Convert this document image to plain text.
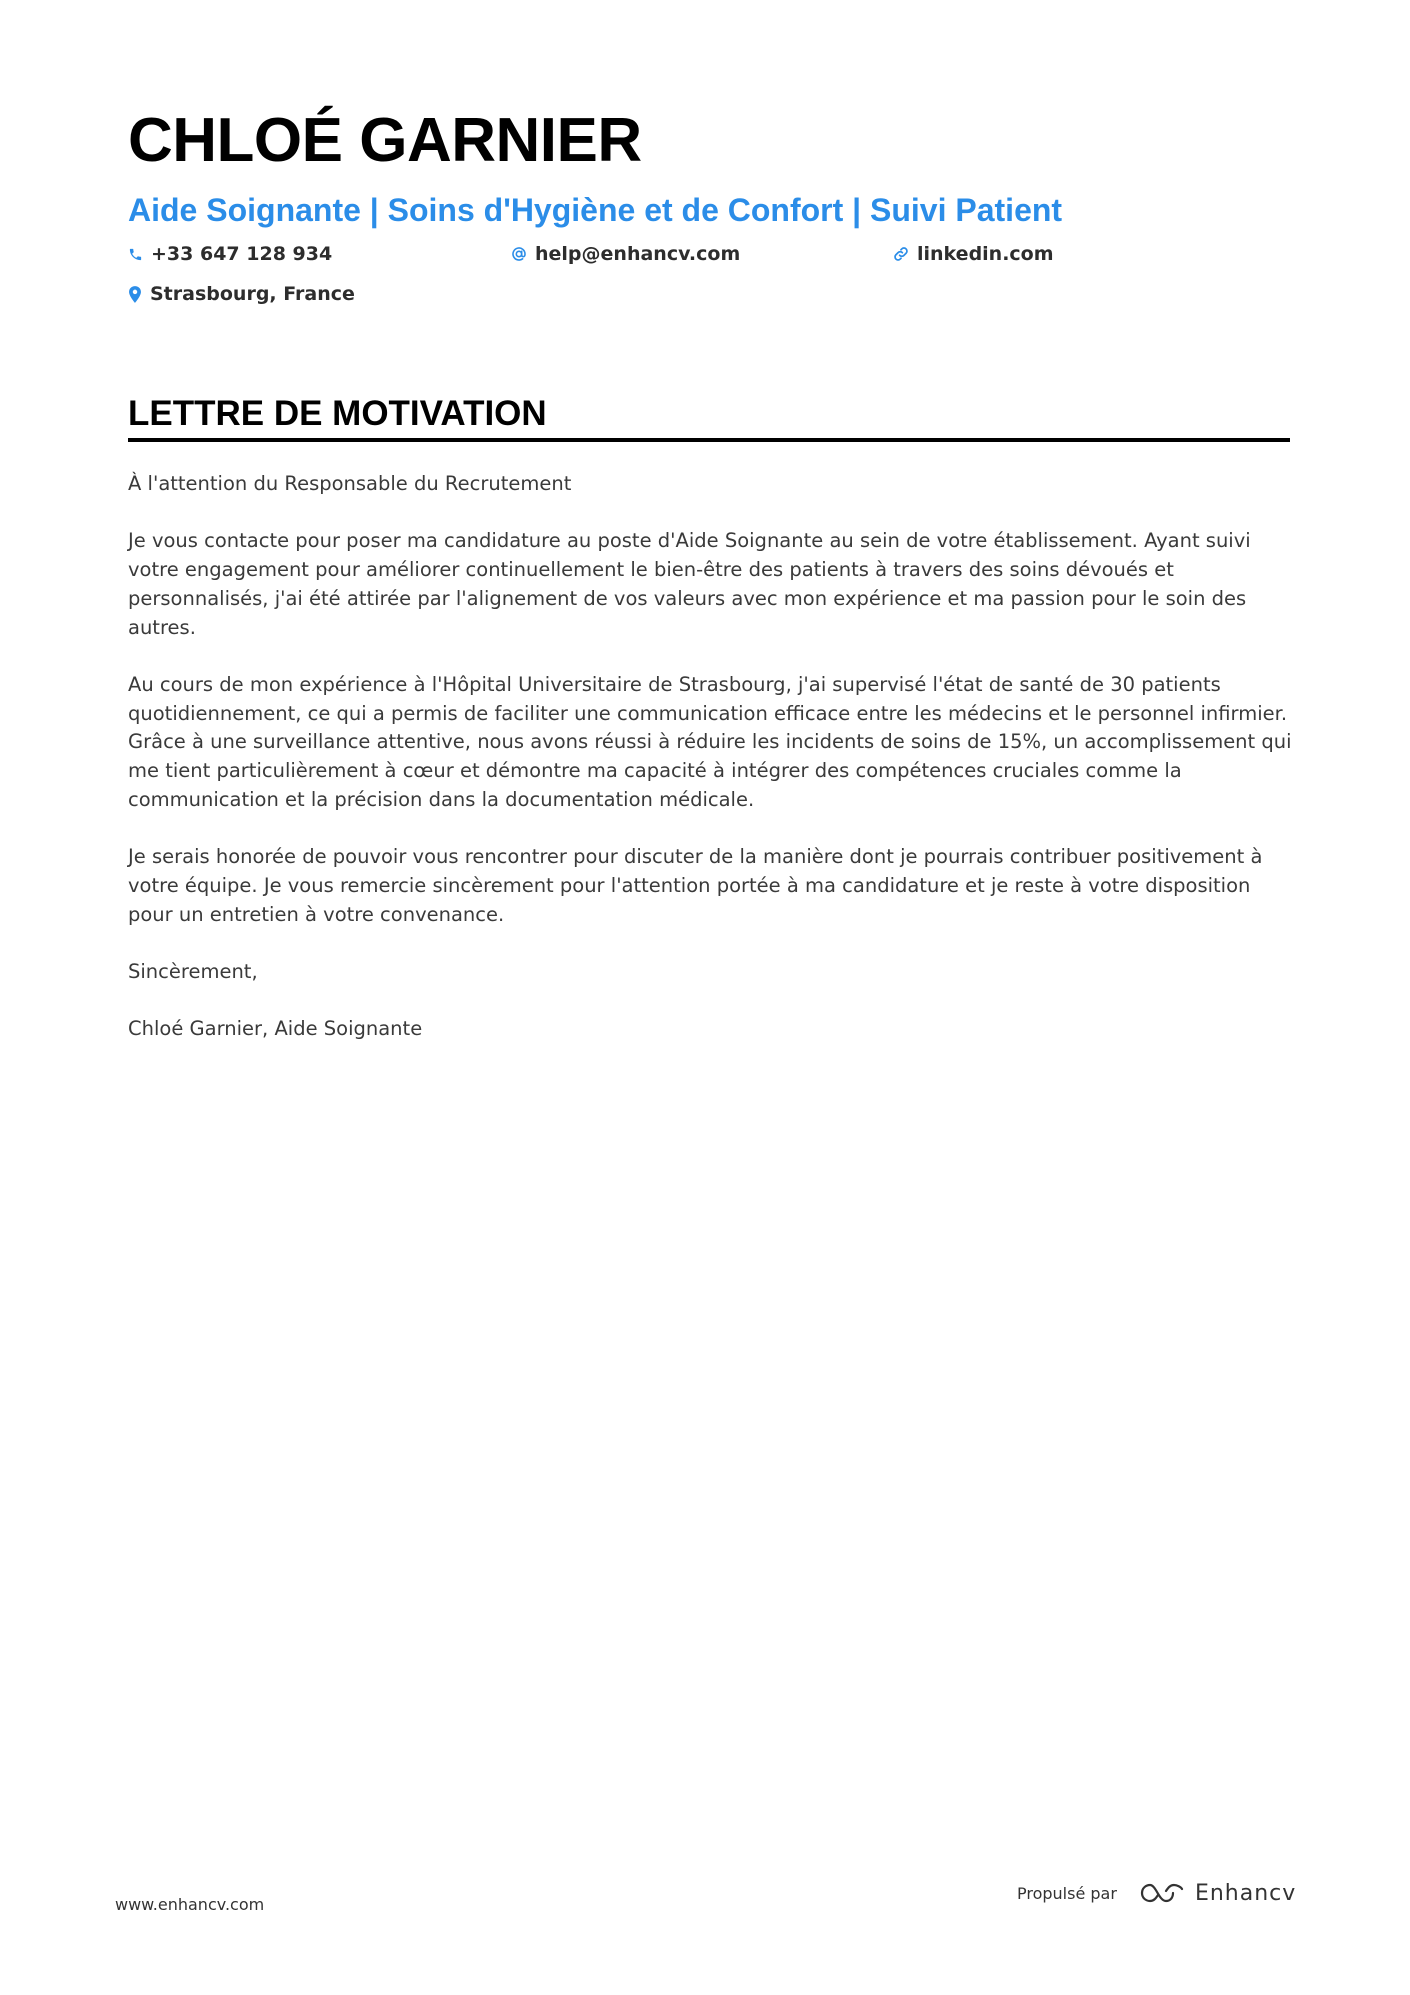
CHLOÉ GARNIER
Aide Soignante | Soins d'Hygiène et de Confort | Suivi Patient
+33 647 128 934	help@enhancv.com	linkedin.com
Strasbourg, France
LETTRE DE MOTIVATION

À l'attention du Responsable du Recrutement

Je vous contacte pour poser ma candidature au poste d'Aide Soignante au sein de votre établissement. Ayant suivi votre engagement pour améliorer continuellement le bien-être des patients à travers des soins dévoués et personnalisés, j'ai été attirée par l'alignement de vos valeurs avec mon expérience et ma passion pour le soin des autres.

Au cours de mon expérience à l'Hôpital Universitaire de Strasbourg, j'ai supervisé l'état de santé de 30 patients quotidiennement, ce qui a permis de faciliter une communication efficace entre les médecins et le personnel infirmier. Grâce à une surveillance attentive, nous avons réussi à réduire les incidents de soins de 15%, un accomplissement qui me tient particulièrement à cœur et démontre ma capacité à intégrer des compétences cruciales comme la communication et la précision dans la documentation médicale.

Je serais honorée de pouvoir vous rencontrer pour discuter de la manière dont je pourrais contribuer positivement à votre équipe. Je vous remercie sincèrement pour l'attention portée à ma candidature et je reste à votre disposition pour un entretien à votre convenance.

Sincèrement,

Chloé Garnier, Aide Soignante

www.enhancv.com
Propulsé par	Enhancv
